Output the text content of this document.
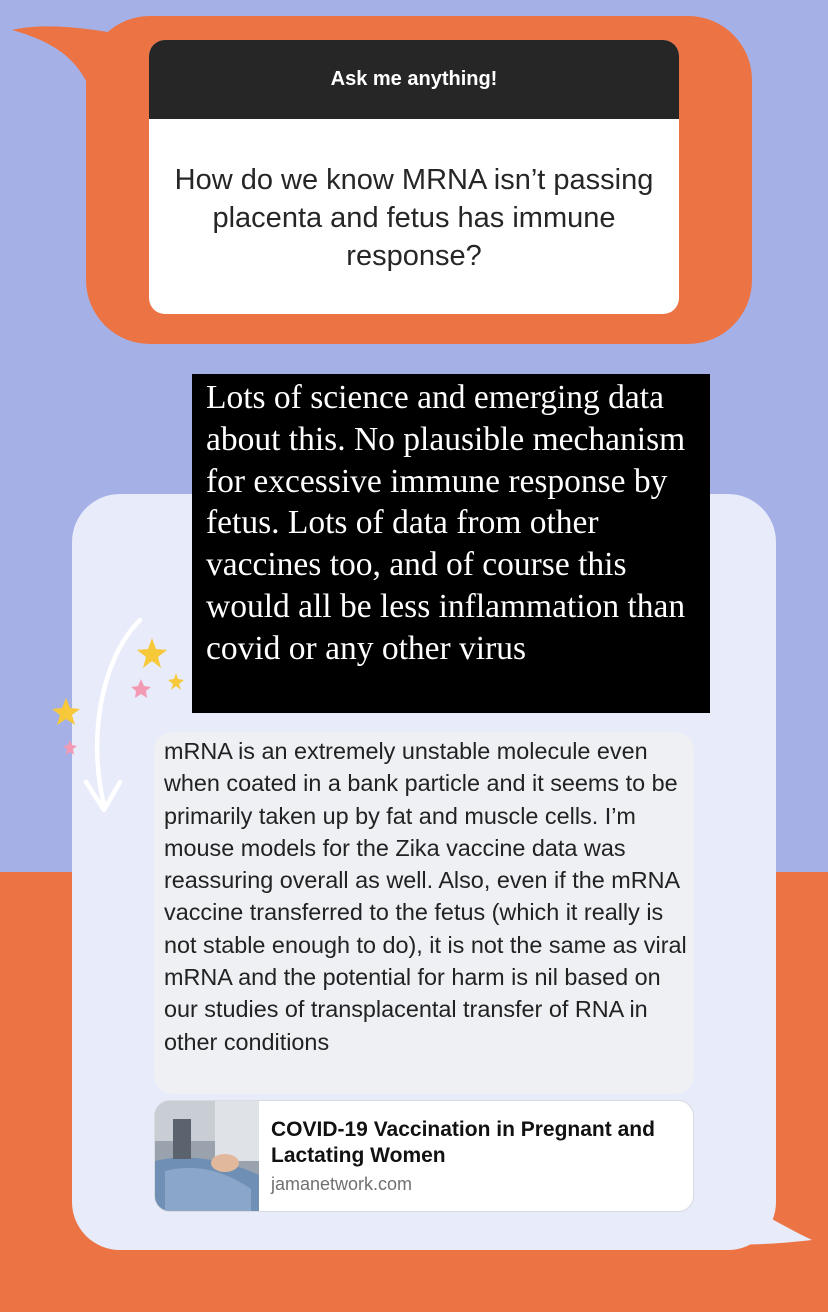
Ask me anything!
How do we know MRNA isn’t passing placenta and fetus has immune response?
Lots of science and emerging data about this. No plausible mechanism for excessive immune response by fetus. Lots of data from other vaccines too, and of course this would all be less inflammation than covid or any other virus

mRNA is an extremely unstable molecule even when coated in a bank particle and it seems to be primarily taken up by fat and muscle cells. I’m mouse models for the Zika vaccine data was reassuring overall as well. Also, even if the mRNA vaccine transferred to the fetus (which it really is not stable enough to do), it is not the same as viral mRNA and the potential for harm is nil based on our studies of transplacental transfer of RNA in other conditions

COVID-19 Vaccination in Pregnant and Lactating Women
jamanetwork.com
